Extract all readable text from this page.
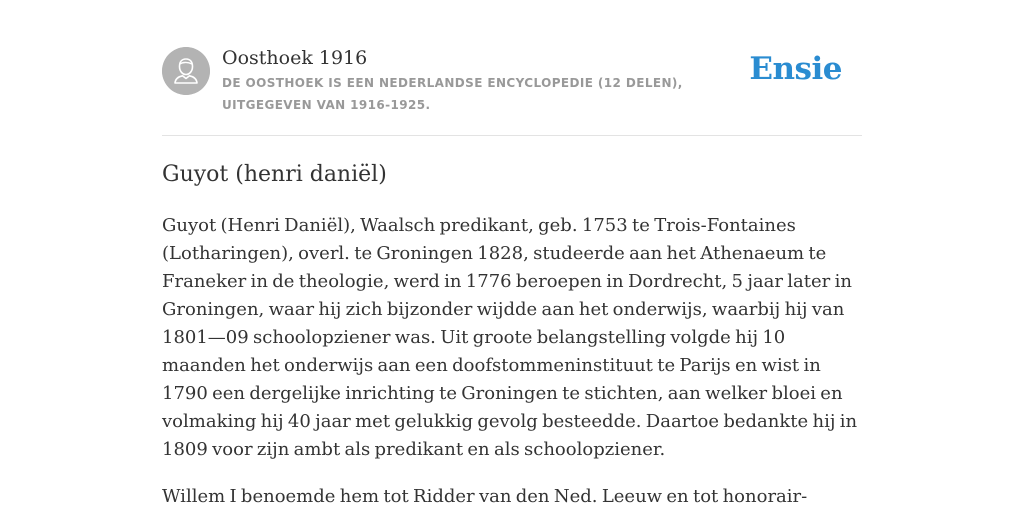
Oosthoek 1916
DE OOSTHOEK IS EEN NEDERLANDSE ENCYCLOPEDIE (12 DELEN), UITGEGEVEN VAN 1916-1925.
Ensie
Guyot (henri daniël)

Guyot (Henri Daniël), Waalsch predikant, geb. 1753 te Trois-Fontaines (Lotharingen), overl. te Groningen 1828, studeerde aan het Athenaeum te Franeker in de theologie, werd in 1776 beroepen in Dordrecht, 5 jaar later in Groningen, waar hij zich bijzonder wijdde aan het onderwijs, waarbij hij van 1801—09 schoolopziener was. Uit groote belangstelling volgde hij 10 maanden het onderwijs aan een doofstommeninstituut te Parijs en wist in 1790 een dergelijke inrichting te Groningen te stichten, aan welker bloei en volmaking hij 40 jaar met gelukkig gevolg besteedde. Daartoe bedankte hij in 1809 voor zijn ambt als predikant en als schoolopziener.

Willem I benoemde hem tot Ridder van den Ned. Leeuw en tot honorair-
